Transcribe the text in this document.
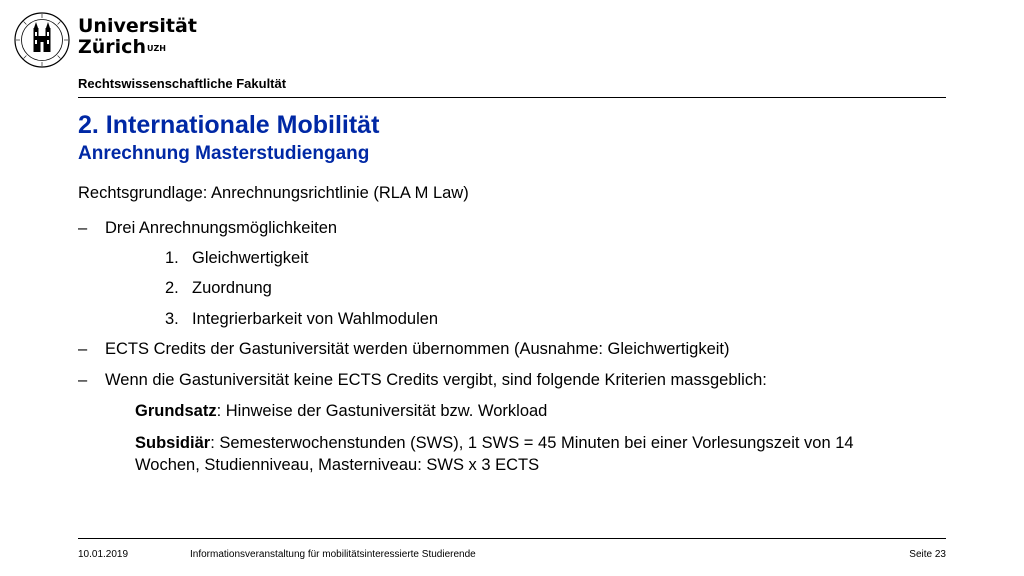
Universität
Zürich$^{UZH}$
Rechtswissenschaftliche Fakultät
2. Internationale Mobilität
Anrechnung Masterstudiengang
Rechtsgrundlage: Anrechnungsrichtlinie (RLA M Law)
– Drei Anrechnungsmöglichkeiten
1. Gleichwertigkeit
2. Zuordnung
3. Integrierbarkeit von Wahlmodulen
– ECTS Credits der Gastuniversität werden übernommen (Ausnahme: Gleichwertigkeit)
– Wenn die Gastuniversität keine ECTS Credits vergibt, sind folgende Kriterien massgeblich:
Grundsatz: Hinweise der Gastuniversität bzw. Workload
Subsidiär: Semesterwochenstunden (SWS), 1 SWS = 45 Minuten bei einer Vorlesungszeit von 14
Wochen, Studienniveau, Masterniveau: SWS x 3 ECTS
10.01.2019	Informationsveranstaltung für mobilitätsinteressierte Studierende	Seite 23
